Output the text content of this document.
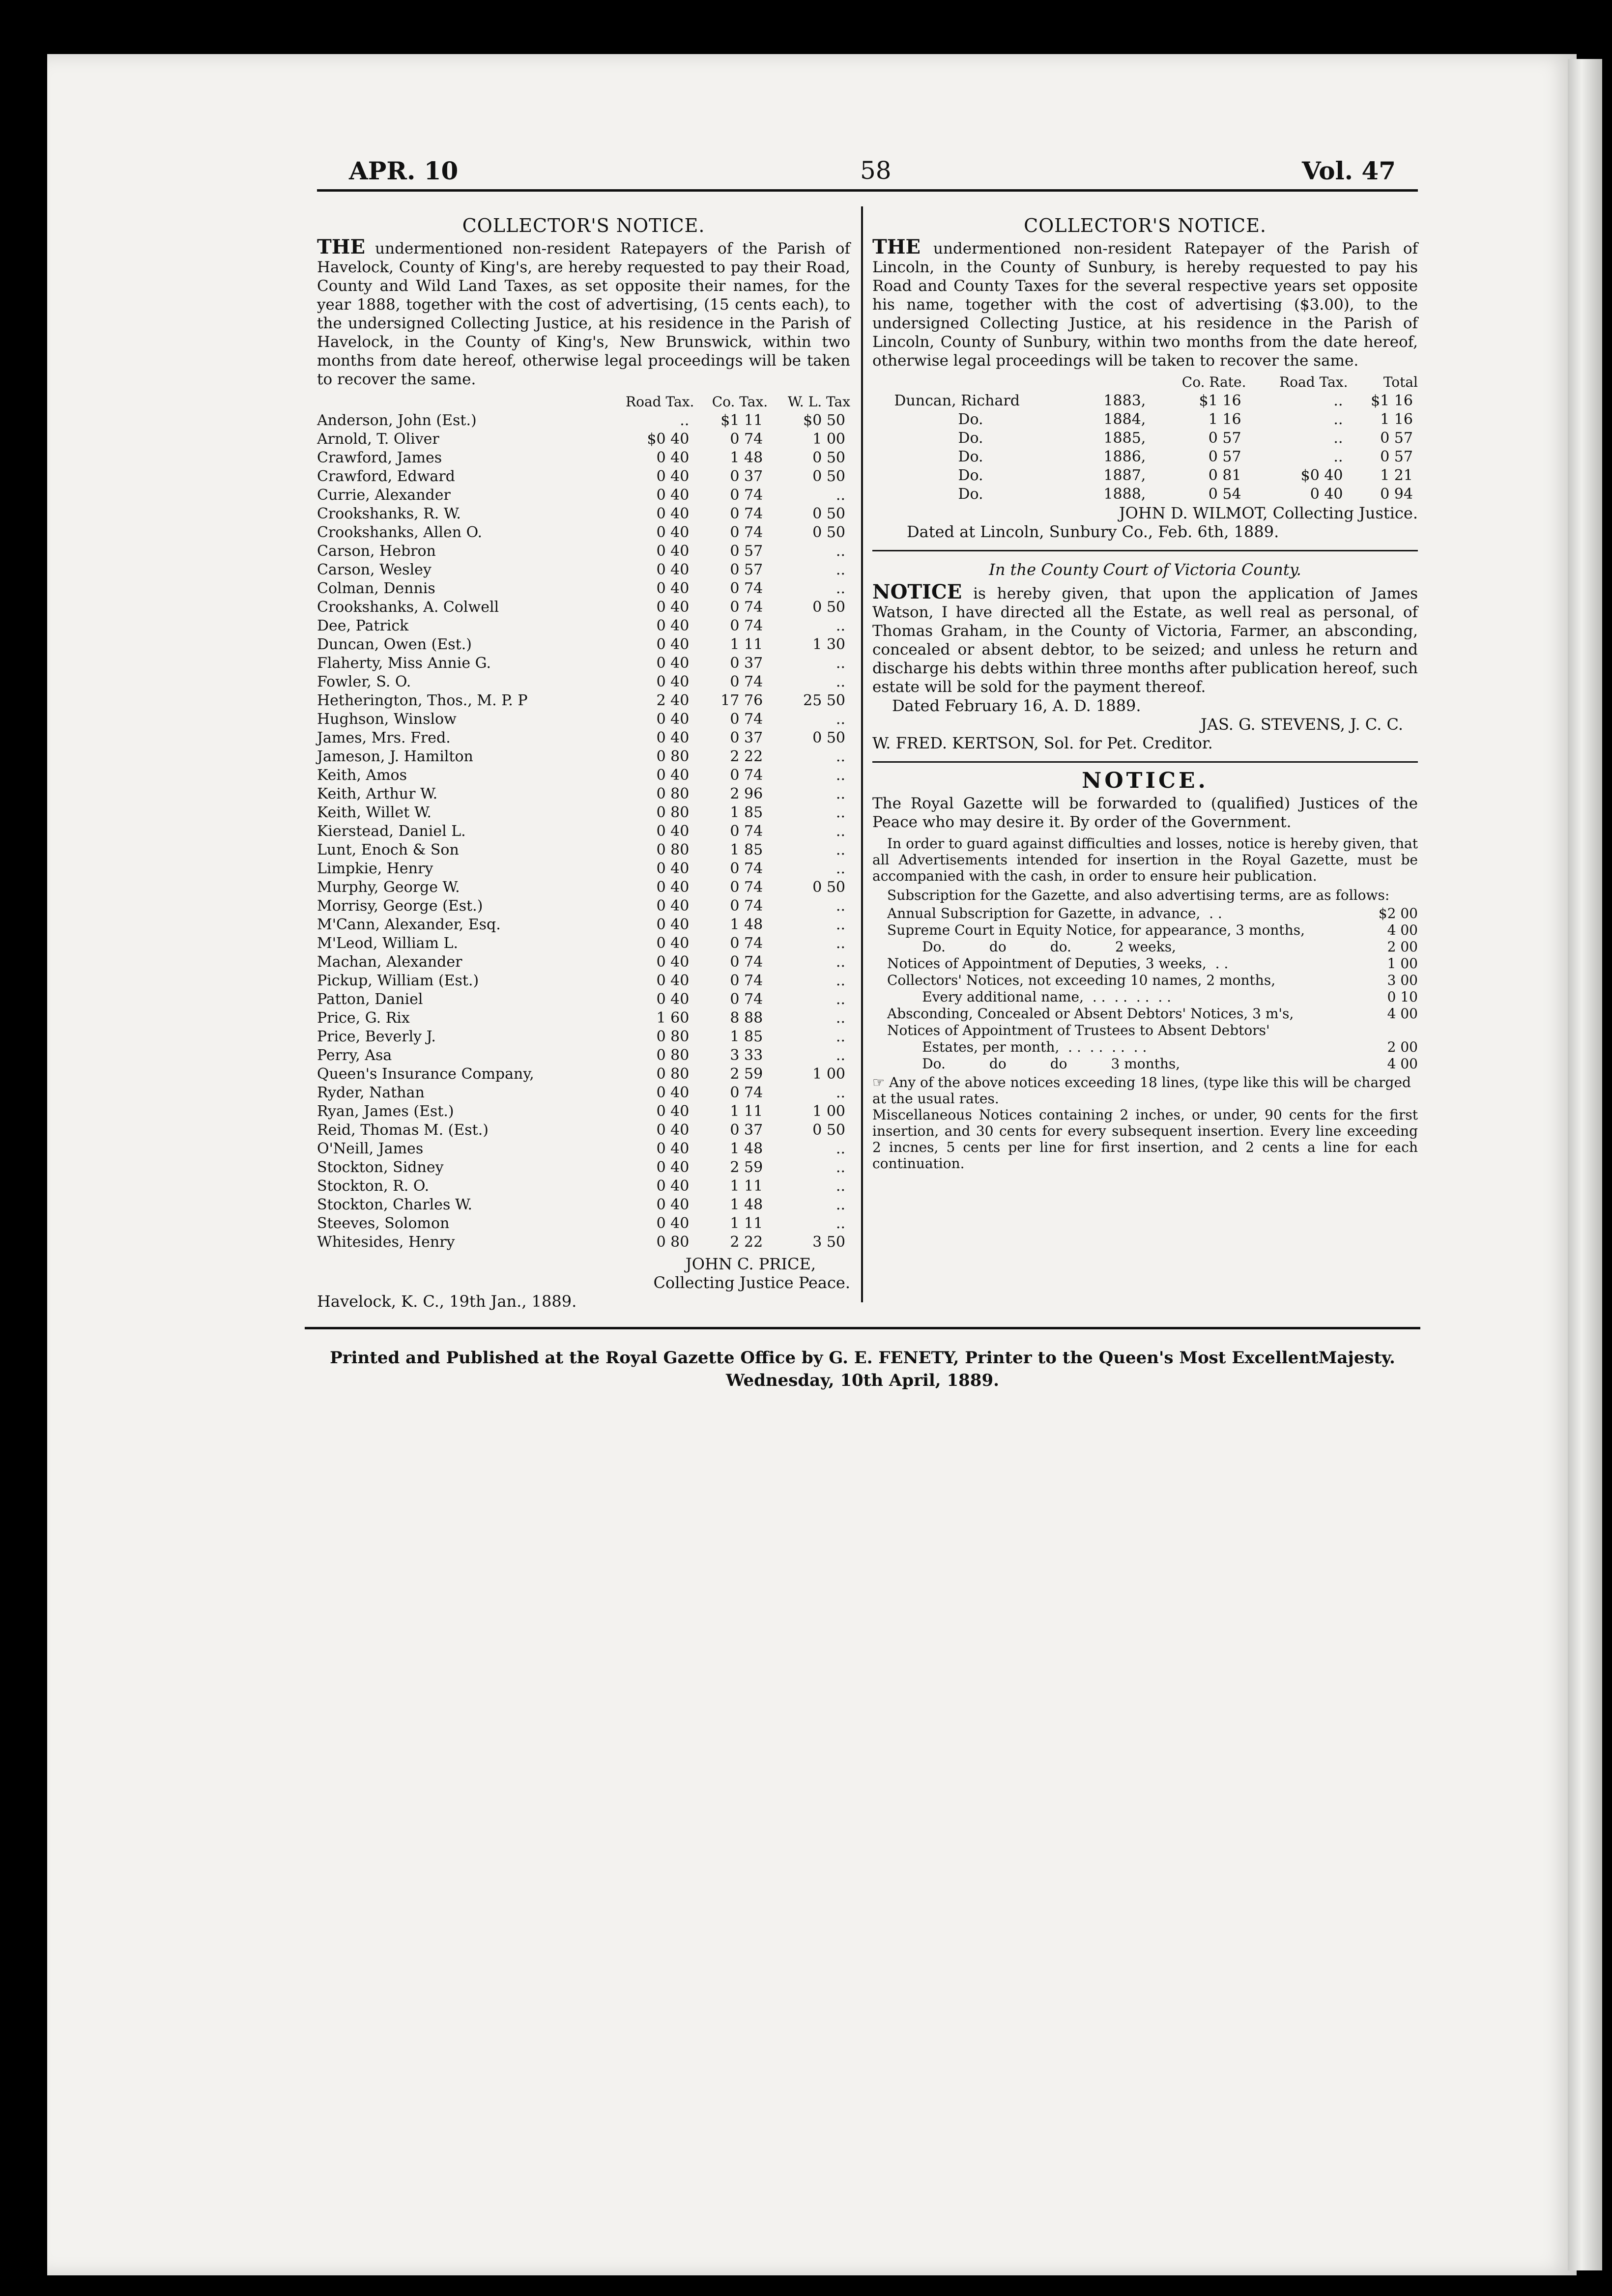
APR. 10	58	Vol. 47
COLLECTOR'S NOTICE.
THE undermentioned non-resident Ratepayers of the Parish of Havelock, County of King's, are hereby requested to pay their Road, County and Wild Land Taxes, as set opposite their names, for the year 1888, together with the cost of advertising, (15 cents each), to the undersigned Collecting Justice, at his residence in the Parish of Havelock, in the County of King's, New Brunswick, within two months from date hereof, otherwise legal proceedings will be taken to recover the same.
	Road Tax.	Co. Tax.	W. L. Tax
Anderson, John (Est.)	..	$1 11	$0 50
Arnold, T. Oliver	$0 40	0 74	1 00
Crawford, James	0 40	1 48	0 50
Crawford, Edward	0 40	0 37	0 50
Currie, Alexander	0 40	0 74	..
Crookshanks, R. W.	0 40	0 74	0 50
Crookshanks, Allen O.	0 40	0 74	0 50
Carson, Hebron	0 40	0 57	..
Carson, Wesley	0 40	0 57	..
Colman, Dennis	0 40	0 74	..
Crookshanks, A. Colwell	0 40	0 74	0 50
Dee, Patrick	0 40	0 74	..
Duncan, Owen (Est.)	0 40	1 11	1 30
Flaherty, Miss Annie G.	0 40	0 37	..
Fowler, S. O.	0 40	0 74	..
Hetherington, Thos., M. P. P	2 40	17 76	25 50
Hughson, Winslow	0 40	0 74	..
James, Mrs. Fred.	0 40	0 37	0 50
Jameson, J. Hamilton	0 80	2 22	..
Keith, Amos	0 40	0 74	..
Keith, Arthur W.	0 80	2 96	..
Keith, Willet W.	0 80	1 85	..
Kierstead, Daniel L.	0 40	0 74	..
Lunt, Enoch & Son	0 80	1 85	..
Limpkie, Henry	0 40	0 74	..
Murphy, George W.	0 40	0 74	0 50
Morrisy, George (Est.)	0 40	0 74	..
M'Cann, Alexander, Esq.	0 40	1 48	..
M'Leod, William L.	0 40	0 74	..
Machan, Alexander	0 40	0 74	..
Pickup, William (Est.)	0 40	0 74	..
Patton, Daniel	0 40	0 74	..
Price, G. Rix	1 60	8 88	..
Price, Beverly J.	0 80	1 85	..
Perry, Asa	0 80	3 33	..
Queen's Insurance Company,	0 80	2 59	1 00
Ryder, Nathan	0 40	0 74	..
Ryan, James (Est.)	0 40	1 11	1 00
Reid, Thomas M. (Est.)	0 40	0 37	0 50
O'Neill, James	0 40	1 48	..
Stockton, Sidney	0 40	2 59	..
Stockton, R. O.	0 40	1 11	..
Stockton, Charles W.	0 40	1 48	..
Steeves, Solomon	0 40	1 11	..
Whitesides, Henry	0 80	2 22	3 50
JOHN C. PRICE,
Collecting Justice Peace.
Havelock, K. C., 19th Jan., 1889.
COLLECTOR'S NOTICE.
THE undermentioned non-resident Ratepayer of the Parish of Lincoln, in the County of Sunbury, is hereby requested to pay his Road and County Taxes for the several respective years set opposite his name, together with the cost of advertising ($3.00), to the undersigned Collecting Justice, at his residence in the Parish of Lincoln, County of Sunbury, within two months from the date hereof, otherwise legal proceedings will be taken to recover the same.
		Co. Rate.	Road Tax.	Total
Duncan, Richard	1883,	$1 16	..	$1 16
Do.	1884,	1 16	..	1 16
Do.	1885,	0 57	..	0 57
Do.	1886,	0 57	..	0 57
Do.	1887,	0 81	$0 40	1 21
Do.	1888,	0 54	0 40	0 94
JOHN D. WILMOT, Collecting Justice.
Dated at Lincoln, Sunbury Co., Feb. 6th, 1889.
In the County Court of Victoria County.
NOTICE is hereby given, that upon the application of James Watson, I have directed all the Estate, as well real as personal, of Thomas Graham, in the County of Victoria, Farmer, an absconding, concealed or absent debtor, to be seized; and unless he return and discharge his debts within three months after publication hereof, such estate will be sold for the payment thereof.
Dated February 16, A. D. 1889.
JAS. G. STEVENS, J. C. C.
W. FRED. KERTSON, Sol. for Pet. Creditor.
NOTICE.
The Royal Gazette will be forwarded to (qualified) Justices of the Peace who may desire it. By order of the Government.
In order to guard against difficulties and losses, notice is hereby given, that all Advertisements intended for insertion in the Royal Gazette, must be accompanied with the cash, in order to ensure heir publication.
Subscription for the Gazette, and also advertising terms, are as follows:
Annual Subscription for Gazette, in advance,  . .	$2 00
Supreme Court in Equity Notice, for appearance, 3 months,	4 00
Do.          do          do.          2 weeks,	2 00
Notices of Appointment of Deputies, 3 weeks,  . .	1 00
Collectors' Notices, not exceeding 10 names, 2 months,	3 00
Every additional name,  . .  . .  . .  . .	0 10
Absconding, Concealed or Absent Debtors' Notices, 3 m's,	4 00
Notices of Appointment of Trustees to Absent Debtors'
Estates, per month,  . .  . .  . .  . .	2 00
Do.          do          do          3 months,	4 00
☞ Any of the above notices exceeding 18 lines, (type like this will be charged at the usual rates.
Miscellaneous Notices containing 2 inches, or under, 90 cents for the first insertion, and 30 cents for every subsequent insertion. Every line exceeding 2 incnes, 5 cents per line for first insertion, and 2 cents a line for each continuation.
Printed and Published at the Royal Gazette Office by G. E. FENETY, Printer to the Queen's Most ExcellentMajesty.
Wednesday, 10th April, 1889.
